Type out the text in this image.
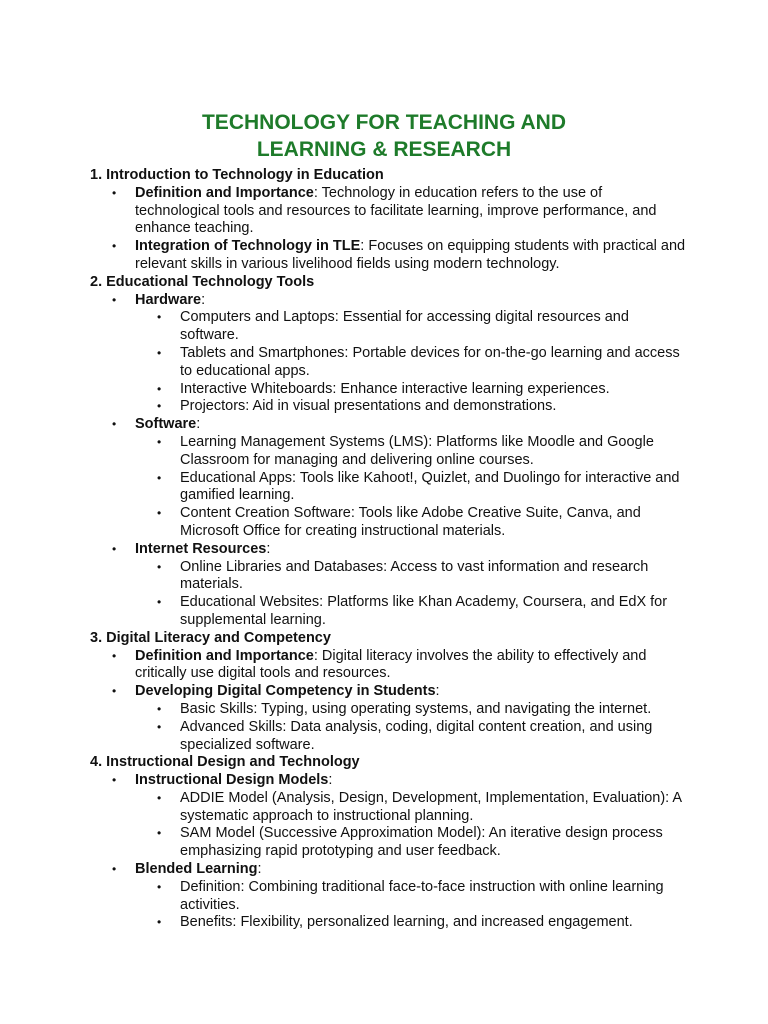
TECHNOLOGY FOR TEACHING AND
LEARNING & RESEARCH

1. Introduction to Technology in Education

• Definition and Importance: Technology in education refers to the use of technological tools and resources to facilitate learning, improve performance, and enhance teaching.
• Integration of Technology in TLE: Focuses on equipping students with practical and relevant skills in various livelihood fields using modern technology.

2. Educational Technology Tools

• Hardware:
• Computers and Laptops: Essential for accessing digital resources and software.
• Tablets and Smartphones: Portable devices for on-the-go learning and access to educational apps.
• Interactive Whiteboards: Enhance interactive learning experiences.
• Projectors: Aid in visual presentations and demonstrations.
• Software:
• Learning Management Systems (LMS): Platforms like Moodle and Google Classroom for managing and delivering online courses.
• Educational Apps: Tools like Kahoot!, Quizlet, and Duolingo for interactive and gamified learning.
• Content Creation Software: Tools like Adobe Creative Suite, Canva, and Microsoft Office for creating instructional materials.
• Internet Resources:
• Online Libraries and Databases: Access to vast information and research materials.
• Educational Websites: Platforms like Khan Academy, Coursera, and EdX for supplemental learning.

3. Digital Literacy and Competency

• Definition and Importance: Digital literacy involves the ability to effectively and critically use digital tools and resources.
• Developing Digital Competency in Students:
• Basic Skills: Typing, using operating systems, and navigating the internet.
• Advanced Skills: Data analysis, coding, digital content creation, and using specialized software.

4. Instructional Design and Technology

• Instructional Design Models:
• ADDIE Model (Analysis, Design, Development, Implementation, Evaluation): A systematic approach to instructional planning.
• SAM Model (Successive Approximation Model): An iterative design process emphasizing rapid prototyping and user feedback.
• Blended Learning:
• Definition: Combining traditional face-to-face instruction with online learning activities.
• Benefits: Flexibility, personalized learning, and increased engagement.
